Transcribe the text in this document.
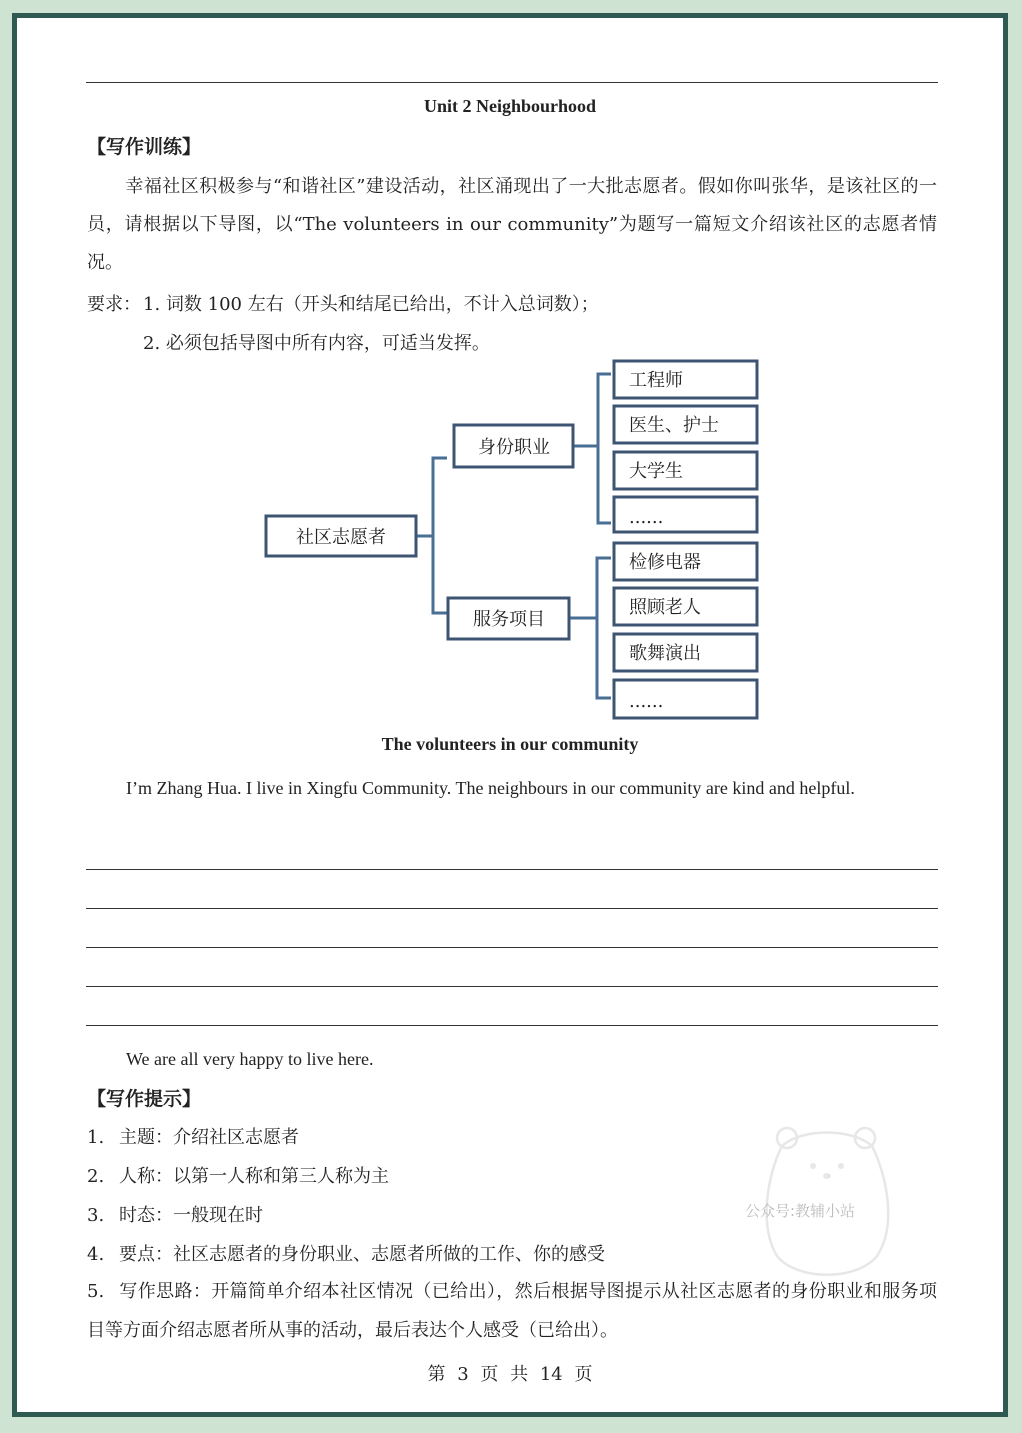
Unit 2 Neighbourhood
【写作训练】
幸福社区积极参与“和谐社区”建设活动，社区涌现出了一大批志愿者。假如你叫张华，是该社区的一员，请根据以下导图，以“The volunteers in our community”为题写一篇短文介绍该社区的志愿者情况。
要求： 1. 词数 100 左右（开头和结尾已给出，不计入总词数）；
2. 必须包括导图中所有内容，可适当发挥。
社区志愿者
身份职业
服务项目
工程师
医生、护士
大学生
......
检修电器
照顾老人
歌舞演出
......
The volunteers in our community
I’m Zhang Hua. I live in Xingfu Community. The neighbours in our community are kind and helpful.
We are all very happy to live here.
【写作提示】
1. 主题：介绍社区志愿者
2. 人称：以第一人称和第三人称为主
3. 时态：一般现在时
4. 要点：社区志愿者的身份职业、志愿者所做的工作、你的感受
5. 写作思路：开篇简单介绍本社区情况（已给出），然后根据导图提示从社区志愿者的身份职业和服务项目等方面介绍志愿者所从事的活动，最后表达个人感受（已给出）。
公众号:教辅小站
第 3 页 共 14 页
